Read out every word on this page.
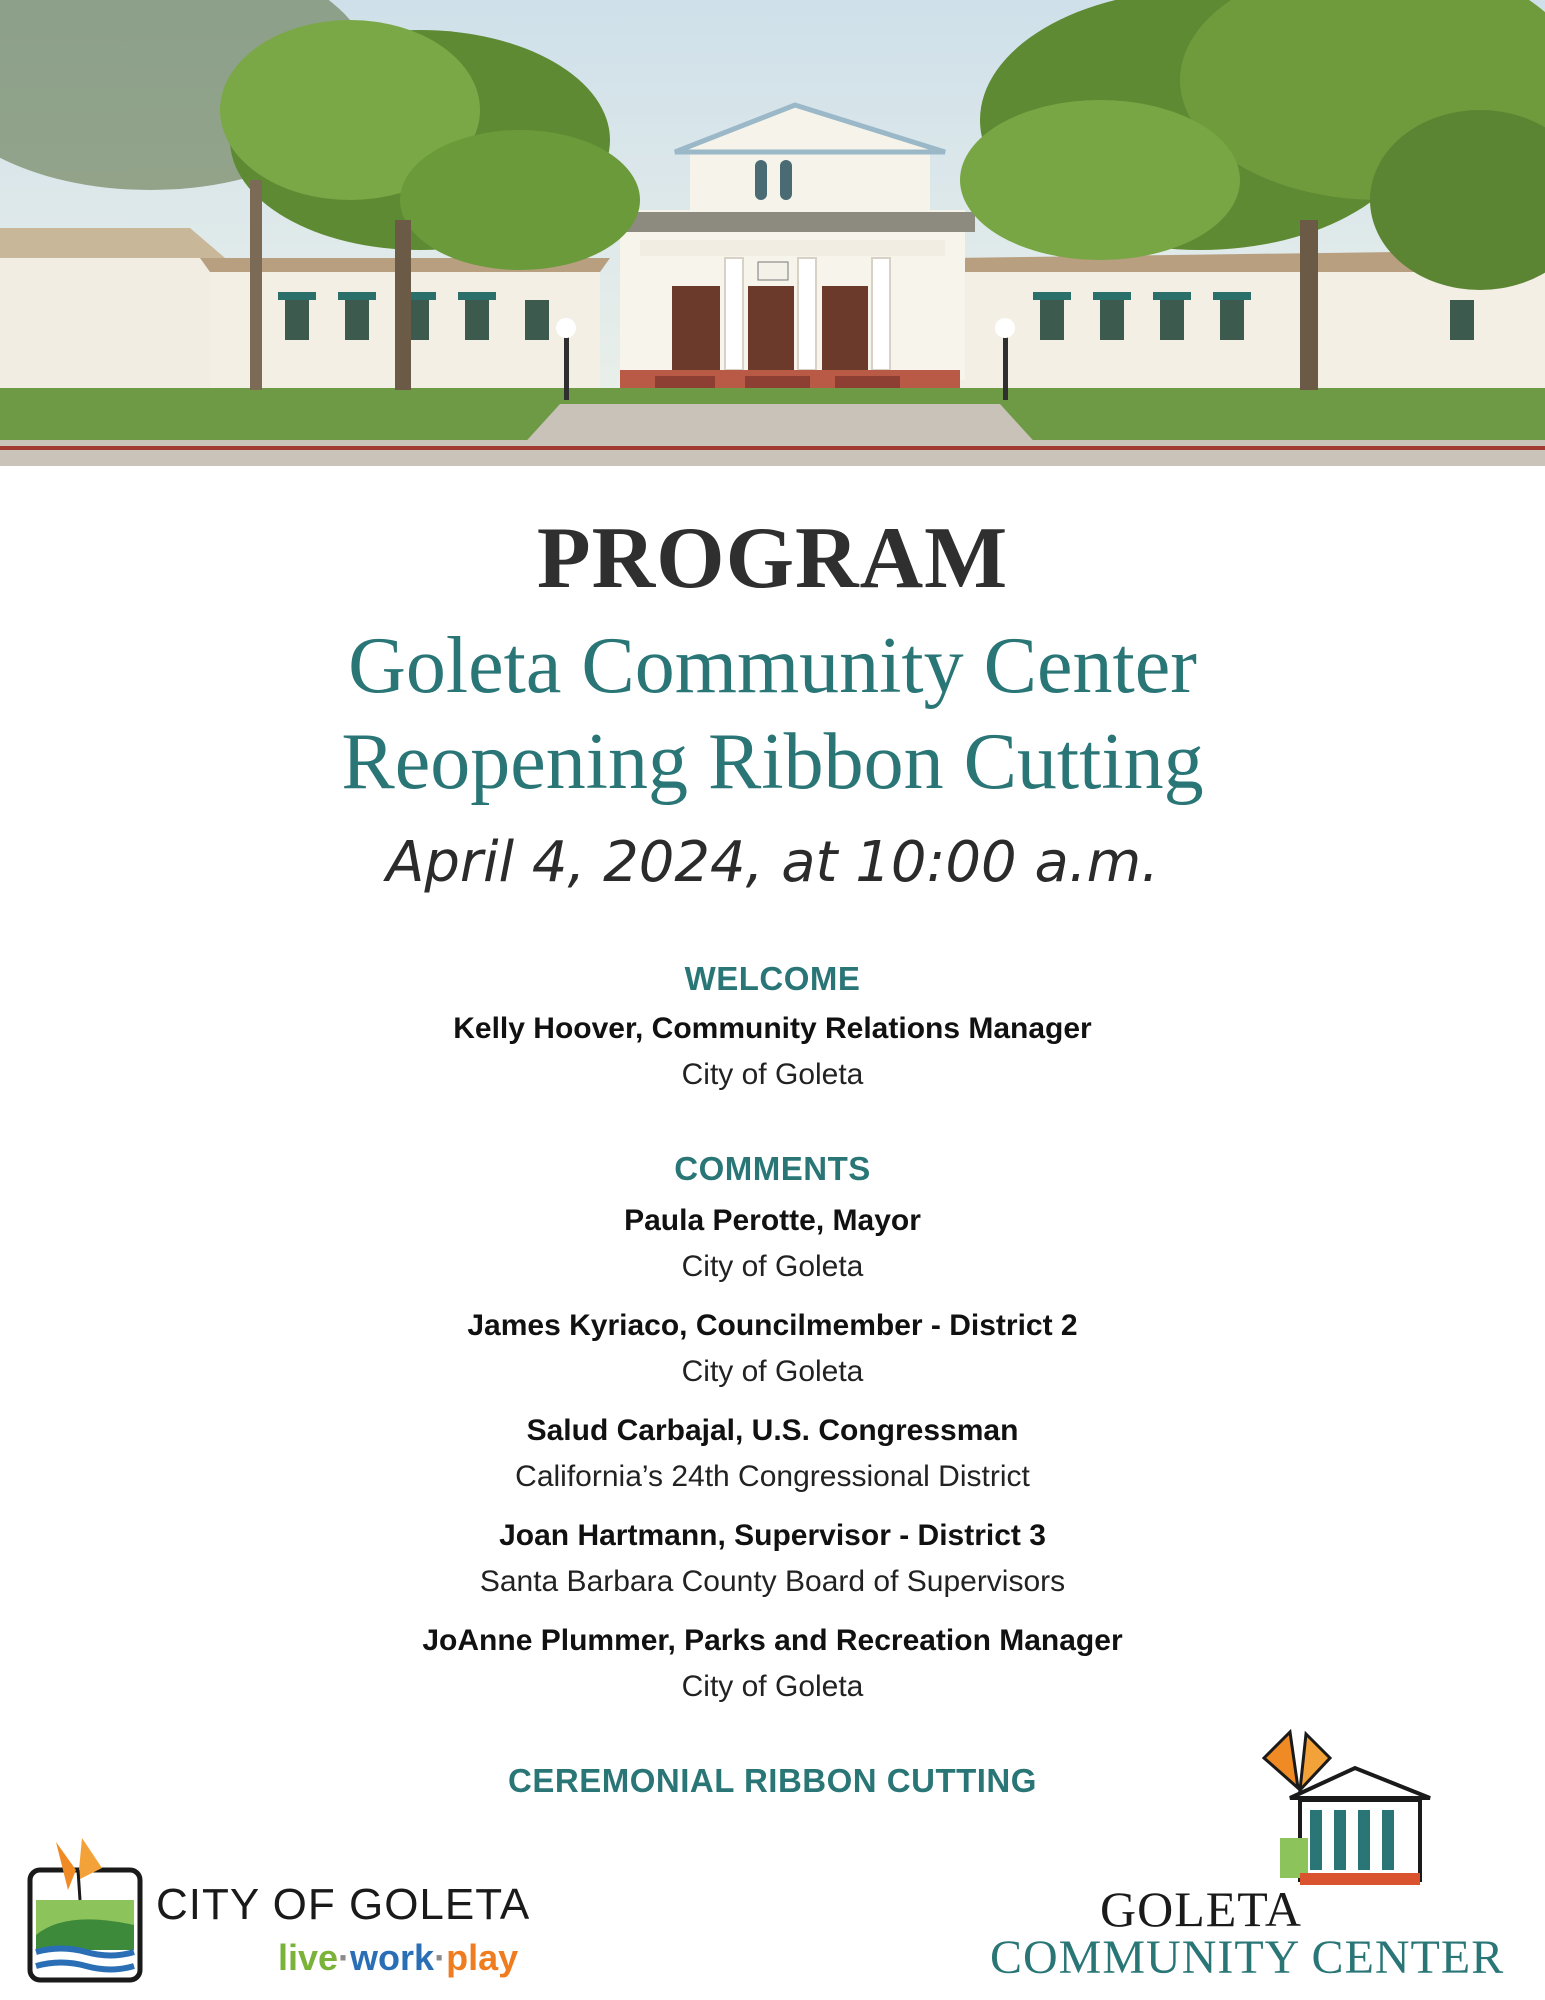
PROGRAM
Goleta Community Center
Reopening Ribbon Cutting
April 4, 2024, at 10:00 a.m.
WELCOME
Kelly Hoover, Community Relations Manager
City of Goleta
COMMENTS
Paula Perotte, Mayor
City of Goleta
James Kyriaco, Councilmember - District 2
City of Goleta
Salud Carbajal, U.S. Congressman
California’s 24th Congressional District
Joan Hartmann, Supervisor - District 3
Santa Barbara County Board of Supervisors
JoAnne Plummer, Parks and Recreation Manager
City of Goleta
CEREMONIAL RIBBON CUTTING
CITY OF GOLETA
live·work·play
GOLETA
COMMUNITY CENTER
